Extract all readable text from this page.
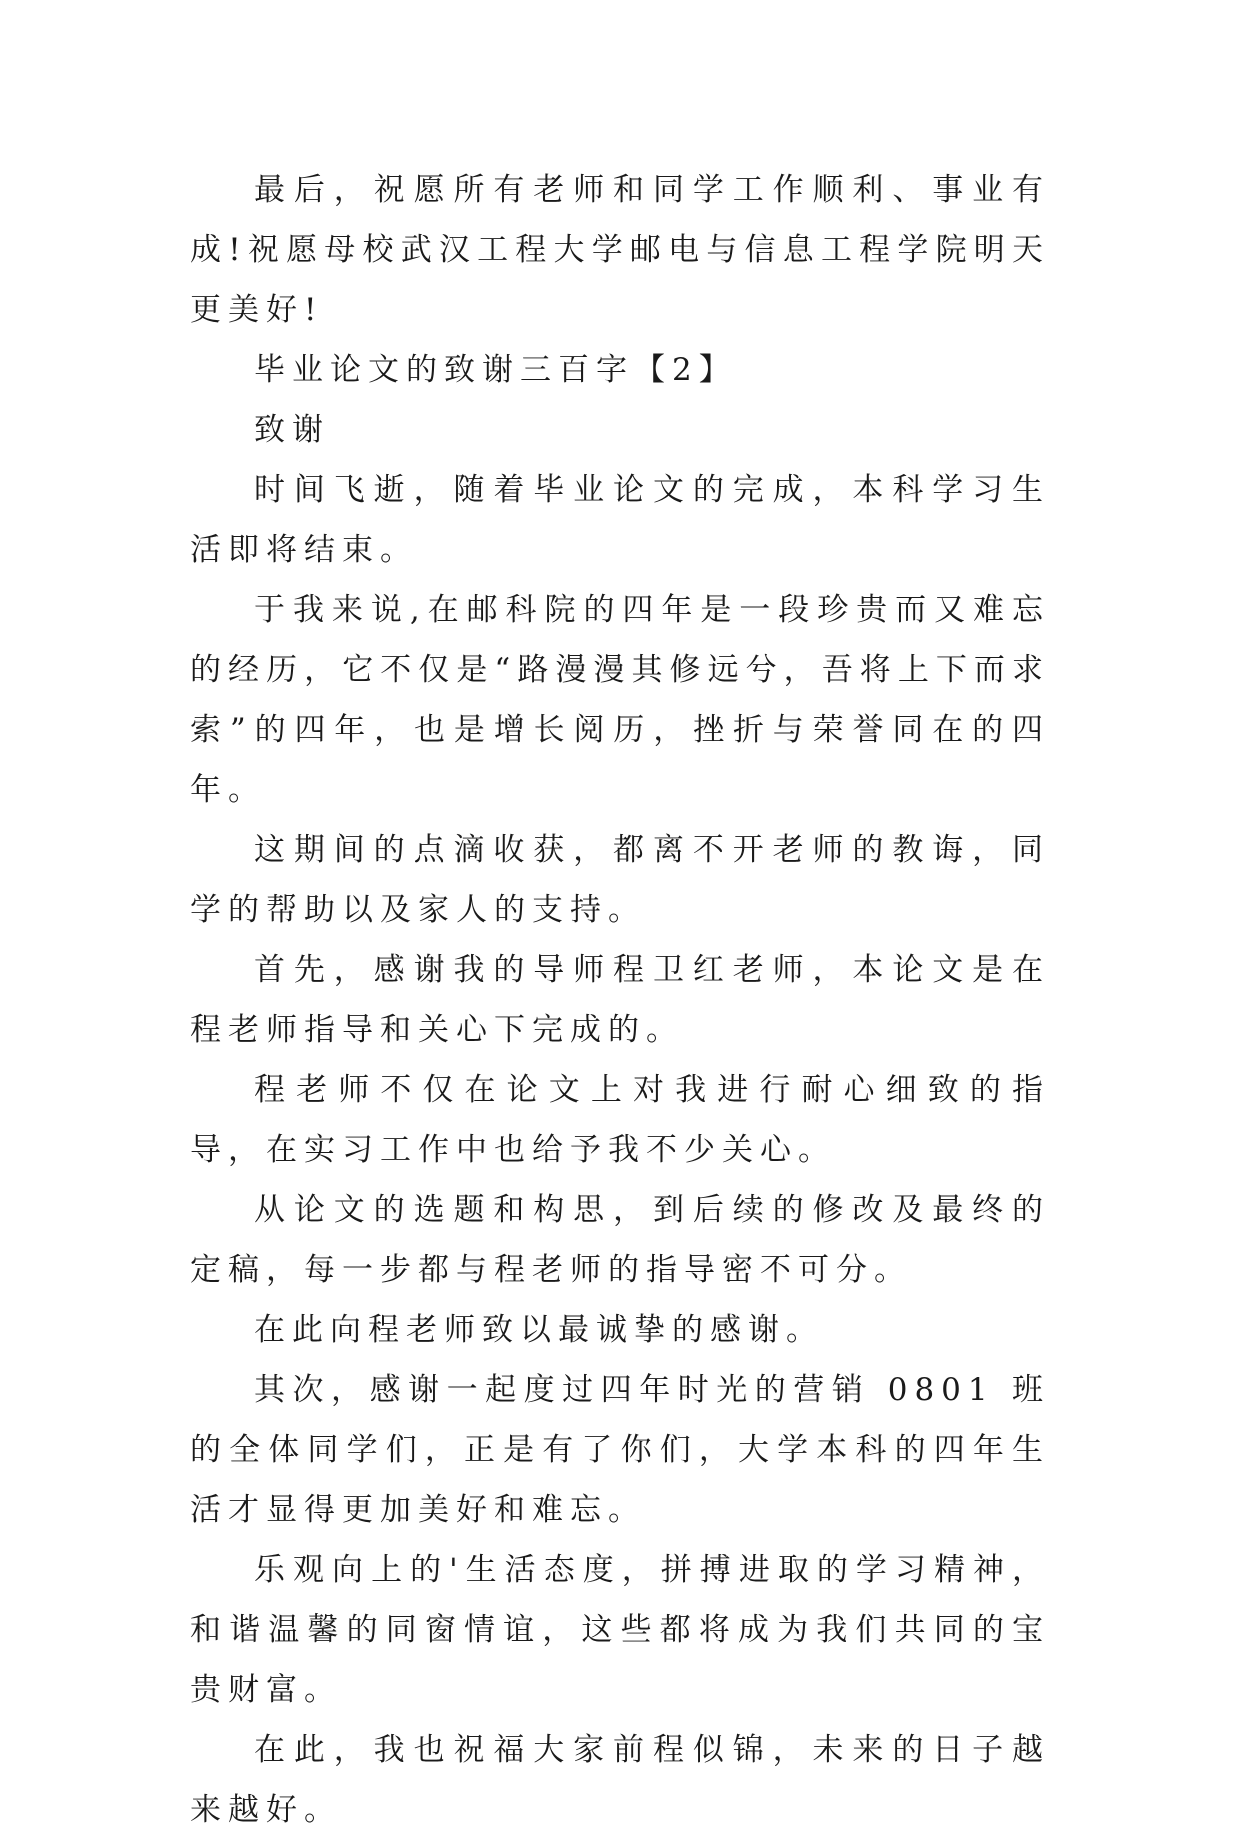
最后，祝愿所有老师和同学工作顺利、事业有成!祝愿母校武汉工程大学邮电与信息工程学院明天更美好!

毕业论文的致谢三百字【2】

致谢

时间飞逝，随着毕业论文的完成，本科学习生活即将结束。

于我来说,在邮科院的四年是一段珍贵而又难忘的经历，它不仅是“路漫漫其修远兮，吾将上下而求索”的四年，也是增长阅历，挫折与荣誉同在的四年。

这期间的点滴收获，都离不开老师的教诲，同学的帮助以及家人的支持。

首先，感谢我的导师程卫红老师，本论文是在程老师指导和关心下完成的。

程老师不仅在论文上对我进行耐心细致的指导，在实习工作中也给予我不少关心。

从论文的选题和构思，到后续的修改及最终的定稿，每一步都与程老师的指导密不可分。

在此向程老师致以最诚挚的感谢。

其次，感谢一起度过四年时光的营销 0801 班的全体同学们，正是有了你们，大学本科的四年生活才显得更加美好和难忘。

乐观向上的'生活态度，拼搏进取的学习精神，和谐温馨的同窗情谊，这些都将成为我们共同的宝贵财富。

在此，我也祝福大家前程似锦，未来的日子越来越好。
